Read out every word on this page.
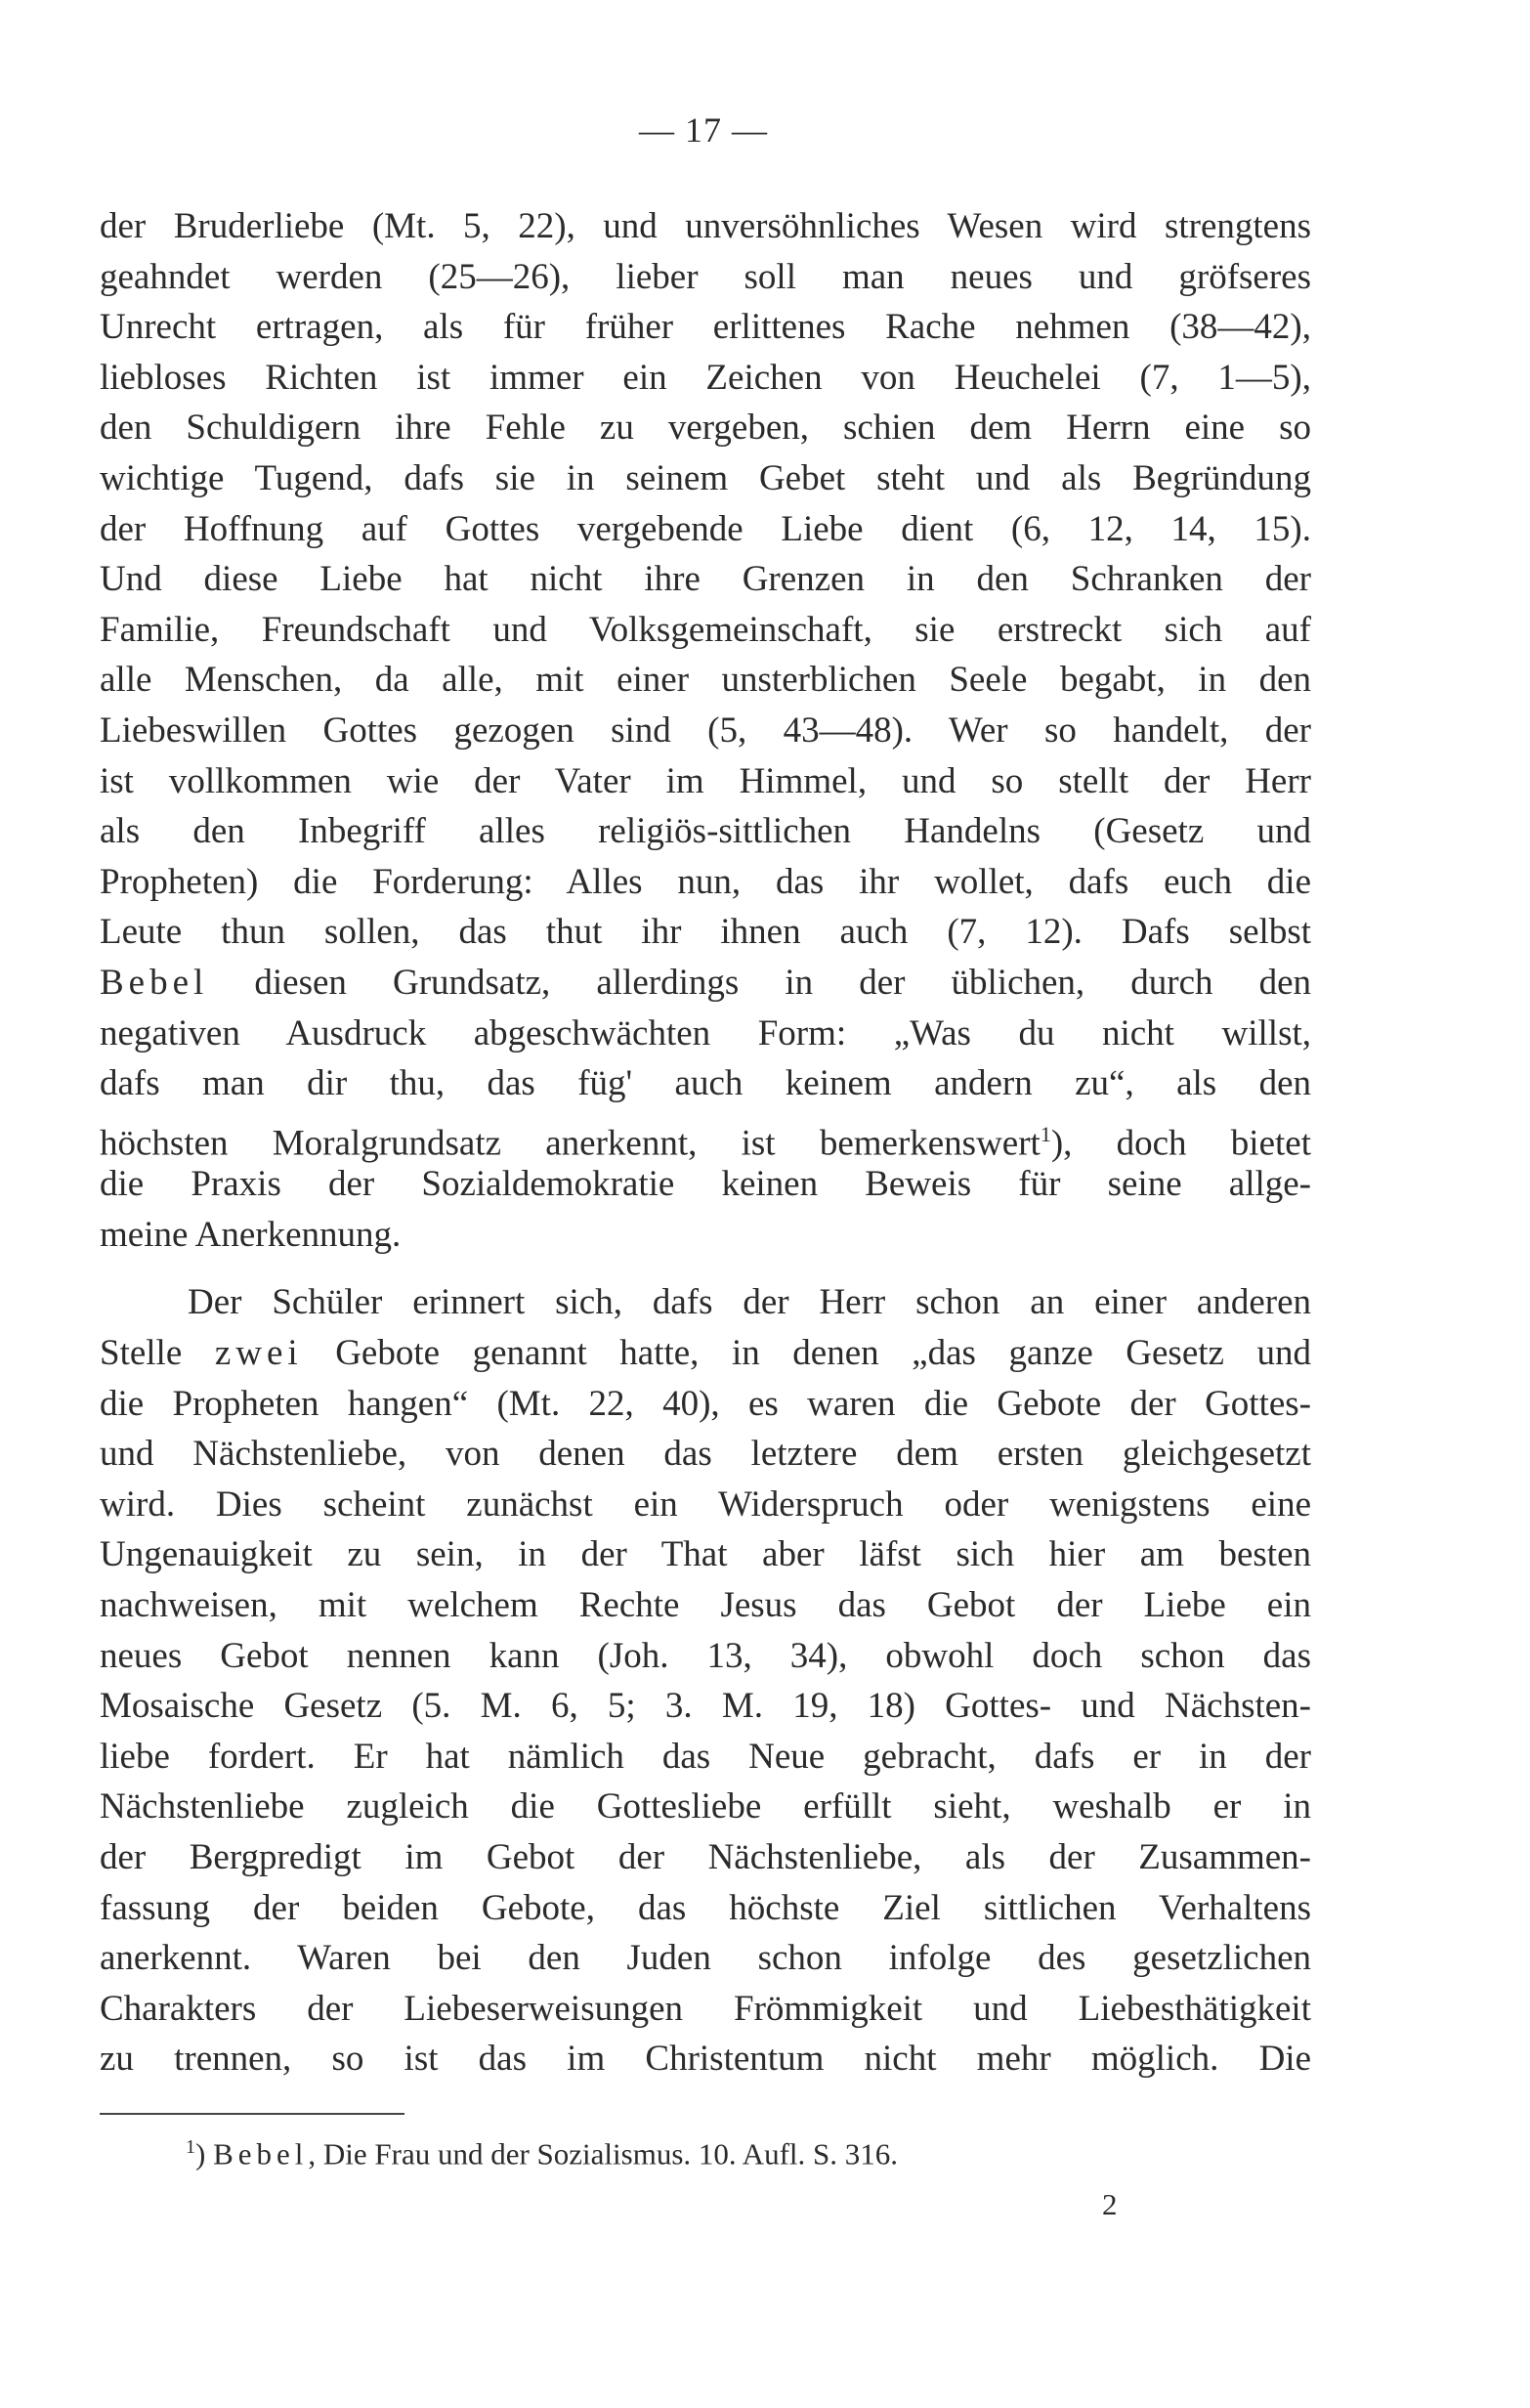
— 17 —
der Bruderliebe (Mt. 5, 22), und unversöhnliches Wesen wird strengtens
geahndet werden (25—26), lieber soll man neues und gröfseres
Unrecht ertragen, als für früher erlittenes Rache nehmen (38—42),
liebloses Richten ist immer ein Zeichen von Heuchelei (7, 1—5),
den Schuldigern ihre Fehle zu vergeben, schien dem Herrn eine so
wichtige Tugend, dafs sie in seinem Gebet steht und als Begründung
der Hoffnung auf Gottes vergebende Liebe dient (6, 12, 14, 15).
Und diese Liebe hat nicht ihre Grenzen in den Schranken der
Familie, Freundschaft und Volksgemeinschaft, sie erstreckt sich auf
alle Menschen, da alle, mit einer unsterblichen Seele begabt, in den
Liebeswillen Gottes gezogen sind (5, 43—48). Wer so handelt, der
ist vollkommen wie der Vater im Himmel, und so stellt der Herr
als den Inbegriff alles religiös-sittlichen Handelns (Gesetz und
Propheten) die Forderung: Alles nun, das ihr wollet, dafs euch die
Leute thun sollen, das thut ihr ihnen auch (7, 12). Dafs selbst
Bebel diesen Grundsatz, allerdings in der üblichen, durch den
negativen Ausdruck abgeschwächten Form: „Was du nicht willst,
dafs man dir thu, das füg' auch keinem andern zu“, als den
höchsten Moralgrundsatz anerkennt, ist bemerkenswert$^1$), doch bietet
die Praxis der Sozialdemokratie keinen Beweis für seine allge-
meine Anerkennung.
Der Schüler erinnert sich, dafs der Herr schon an einer anderen
Stelle zwei Gebote genannt hatte, in denen „das ganze Gesetz und
die Propheten hangen“ (Mt. 22, 40), es waren die Gebote der Gottes-
und Nächstenliebe, von denen das letztere dem ersten gleichgesetzt
wird. Dies scheint zunächst ein Widerspruch oder wenigstens eine
Ungenauigkeit zu sein, in der That aber läfst sich hier am besten
nachweisen, mit welchem Rechte Jesus das Gebot der Liebe ein
neues Gebot nennen kann (Joh. 13, 34), obwohl doch schon das
Mosaische Gesetz (5. M. 6, 5; 3. M. 19, 18) Gottes- und Nächsten-
liebe fordert. Er hat nämlich das Neue gebracht, dafs er in der
Nächstenliebe zugleich die Gottesliebe erfüllt sieht, weshalb er in
der Bergpredigt im Gebot der Nächstenliebe, als der Zusammen-
fassung der beiden Gebote, das höchste Ziel sittlichen Verhaltens
anerkennt. Waren bei den Juden schon infolge des gesetzlichen
Charakters der Liebeserweisungen Frömmigkeit und Liebesthätigkeit
zu trennen, so ist das im Christentum nicht mehr möglich. Die
$^1$) Bebel, Die Frau und der Sozialismus. 10. Aufl. S. 316.
2
